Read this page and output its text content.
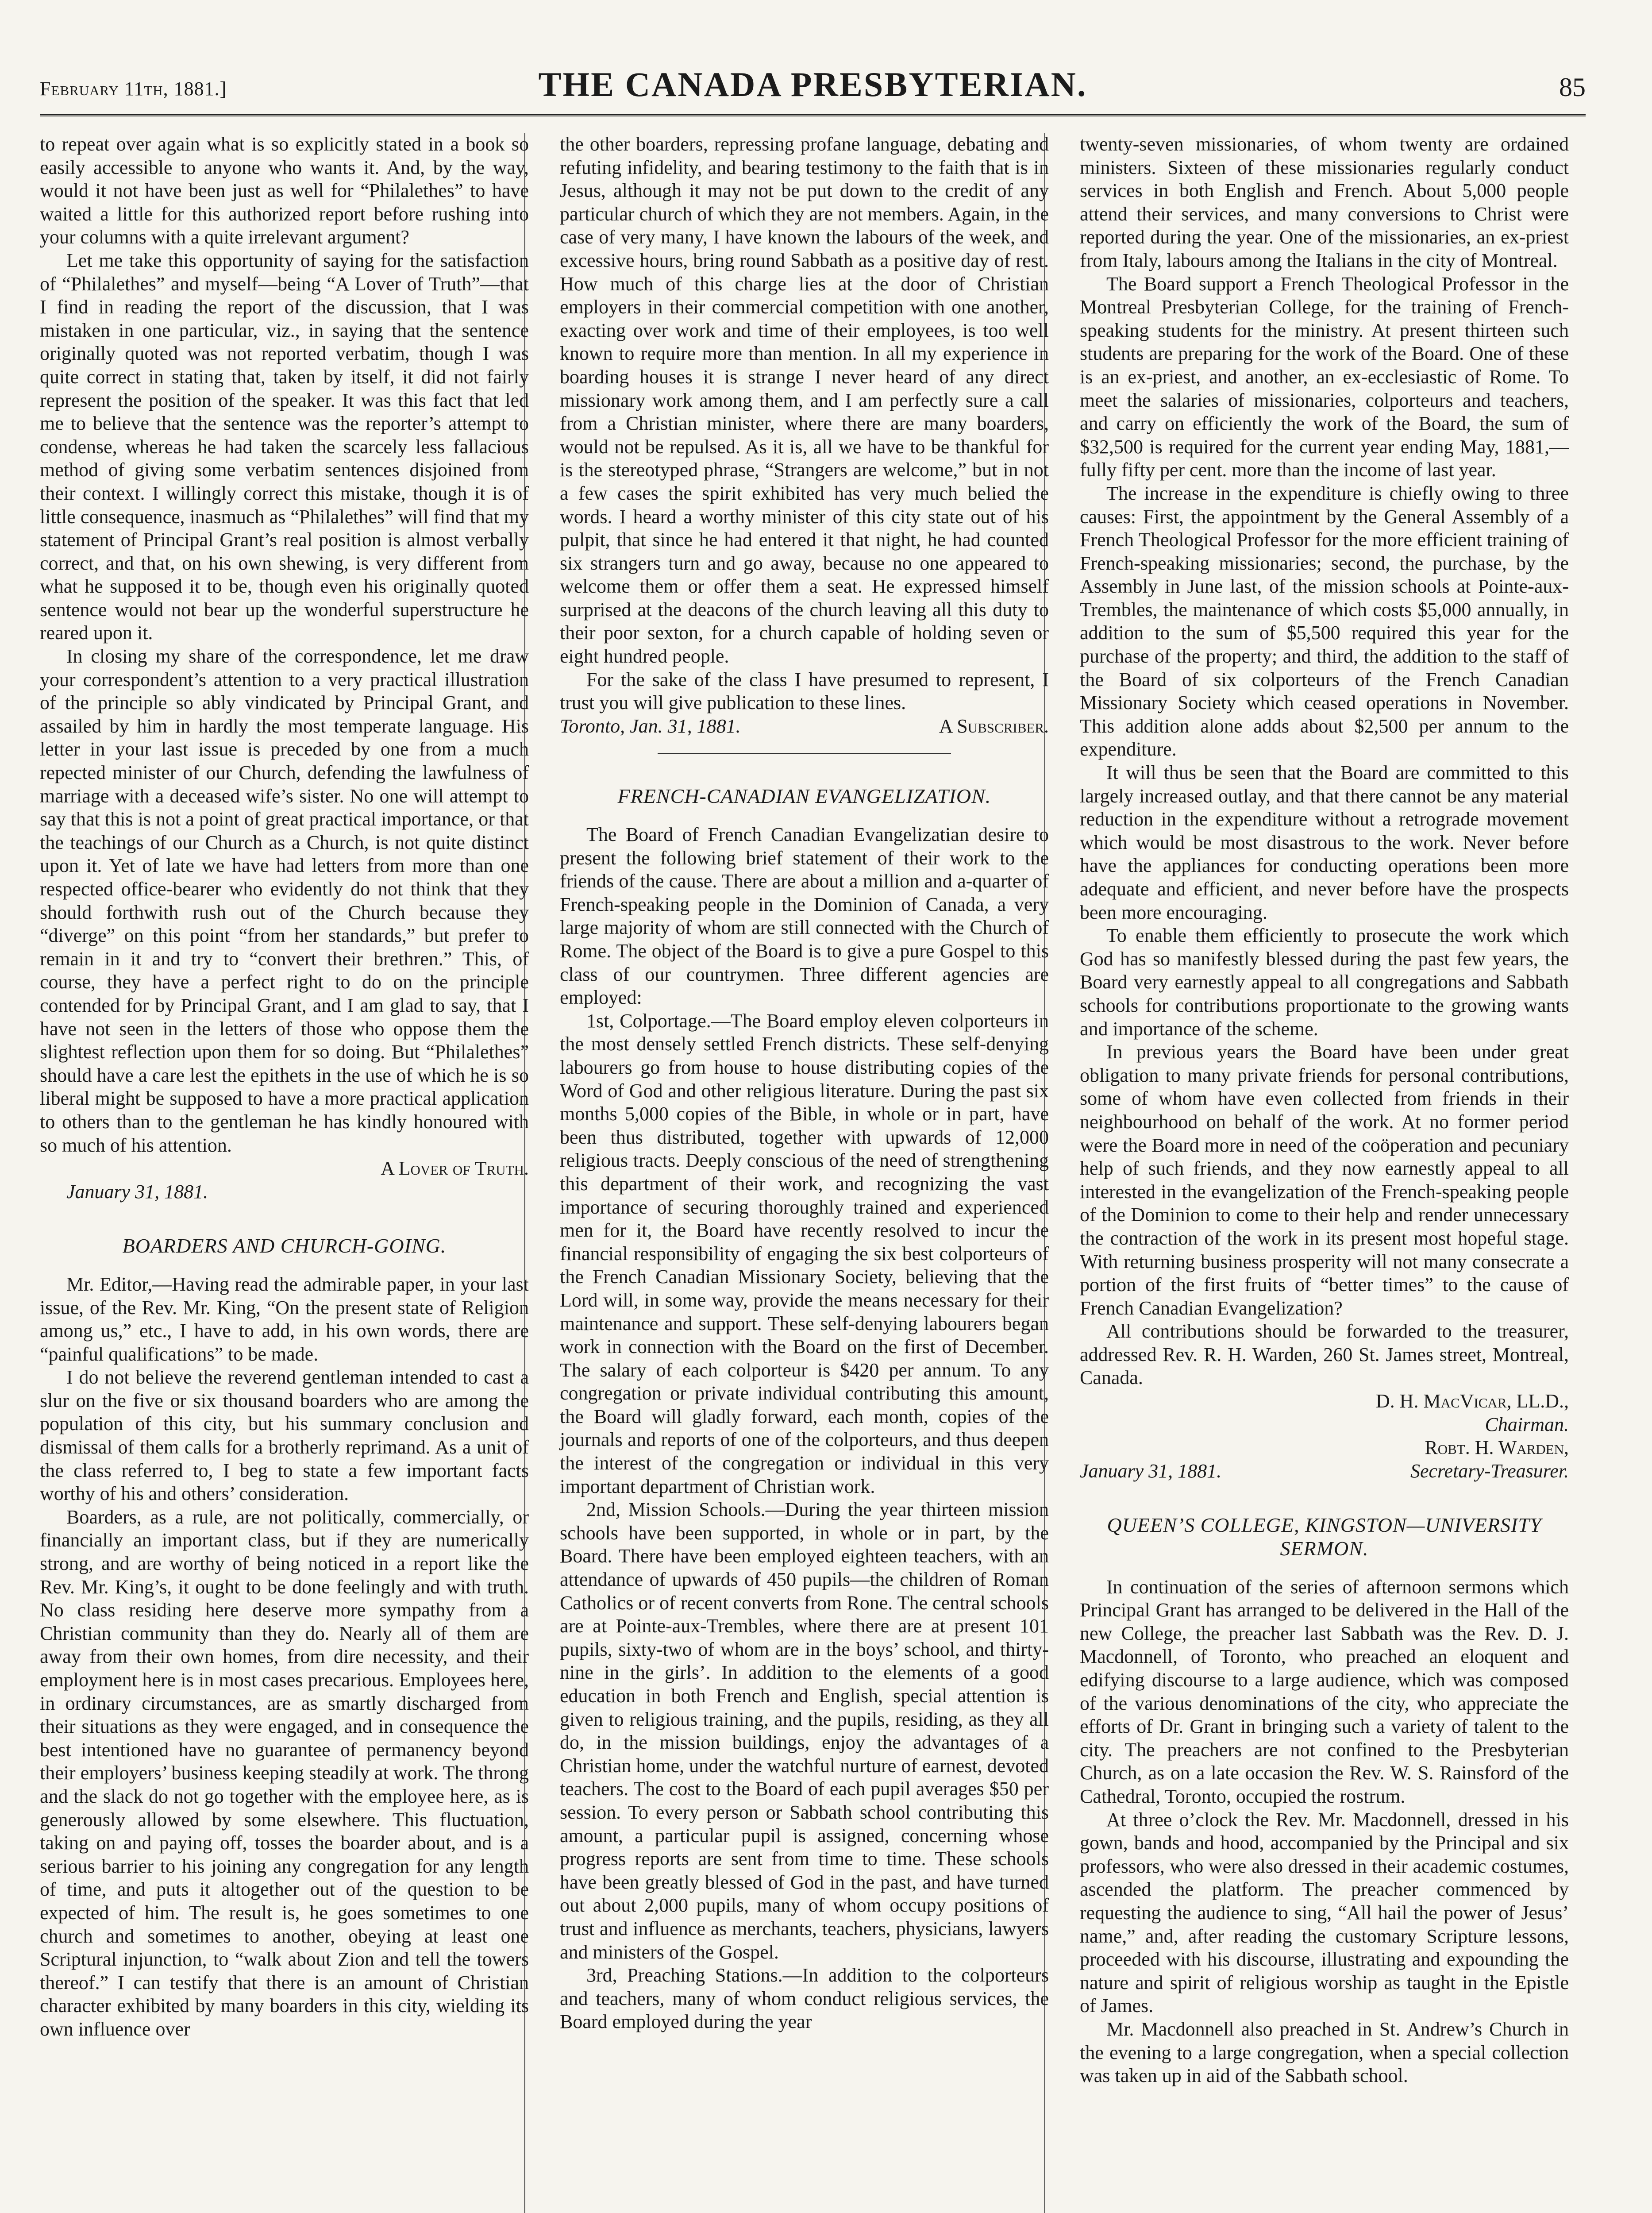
February 11th, 1881.]	THE CANADA PRESBYTERIAN.	85

to repeat over again what is so explicitly stated in a book so easily accessible to anyone who wants it. And, by the way, would it not have been just as well for “Philalethes” to have waited a little for this authorized report before rushing into your columns with a quite irrelevant argument?

Let me take this opportunity of saying for the satisfaction of “Philalethes” and myself—being “A Lover of Truth”—that I find in reading the report of the discussion, that I was mistaken in one particular, viz., in saying that the sentence originally quoted was not reported verbatim, though I was quite correct in stating that, taken by itself, it did not fairly represent the position of the speaker. It was this fact that led me to believe that the sentence was the reporter’s attempt to condense, whereas he had taken the scarcely less fallacious method of giving some verbatim sentences disjoined from their context. I willingly correct this mistake, though it is of little consequence, inasmuch as “Philalethes” will find that my statement of Principal Grant’s real position is almost verbally correct, and that, on his own shewing, is very different from what he supposed it to be, though even his originally quoted sentence would not bear up the wonderful superstructure he reared upon it.

In closing my share of the correspondence, let me draw your correspondent’s attention to a very practical illustration of the principle so ably vindicated by Principal Grant, and assailed by him in hardly the most temperate language. His letter in your last issue is preceded by one from a much repected minister of our Church, defending the lawfulness of marriage with a deceased wife’s sister. No one will attempt to say that this is not a point of great practical importance, or that the teachings of our Church as a Church, is not quite distinct upon it. Yet of late we have had letters from more than one respected office-bearer who evidently do not think that they should forthwith rush out of the Church because they “diverge” on this point “from her standards,” but prefer to remain in it and try to “convert their brethren.” This, of course, they have a perfect right to do on the principle contended for by Principal Grant, and I am glad to say, that I have not seen in the letters of those who oppose them the slightest reflection upon them for so doing. But “Philalethes” should have a care lest the epithets in the use of which he is so liberal might be supposed to have a more practical application to others than to the gentleman he has kindly honoured with so much of his attention.

A Lover of Truth.

January 31, 1881.

BOARDERS AND CHURCH-GOING.

Mr. Editor,—Having read the admirable paper, in your last issue, of the Rev. Mr. King, “On the present state of Religion among us,” etc., I have to add, in his own words, there are “painful qualifications” to be made.

I do not believe the reverend gentleman intended to cast a slur on the five or six thousand boarders who are among the population of this city, but his summary conclusion and dismissal of them calls for a brotherly reprimand. As a unit of the class referred to, I beg to state a few important facts worthy of his and others’ consideration.

Boarders, as a rule, are not politically, commercially, or financially an important class, but if they are numerically strong, and are worthy of being noticed in a report like the Rev. Mr. King’s, it ought to be done feelingly and with truth. No class residing here deserve more sympathy from a Christian community than they do. Nearly all of them are away from their own homes, from dire necessity, and their employment here is in most cases precarious. Employees here, in ordinary circumstances, are as smartly discharged from their situations as they were engaged, and in consequence the best intentioned have no guarantee of permanency beyond their employers’ business keeping steadily at work. The throng and the slack do not go together with the employee here, as is generously allowed by some elsewhere. This fluctuation, taking on and paying off, tosses the boarder about, and is a serious barrier to his joining any congregation for any length of time, and puts it altogether out of the question to be expected of him. The result is, he goes sometimes to one church and sometimes to another, obeying at least one Scriptural injunction, to “walk about Zion and tell the towers thereof.” I can testify that there is an amount of Christian character exhibited by many boarders in this city, wielding its own influence over

the other boarders, repressing profane language, debating and refuting infidelity, and bearing testimony to the faith that is in Jesus, although it may not be put down to the credit of any particular church of which they are not members. Again, in the case of very many, I have known the labours of the week, and excessive hours, bring round Sabbath as a positive day of rest. How much of this charge lies at the door of Christian employers in their commercial competition with one another, exacting over work and time of their employees, is too well known to require more than mention. In all my experience in boarding houses it is strange I never heard of any direct missionary work among them, and I am perfectly sure a call from a Christian minister, where there are many boarders, would not be repulsed. As it is, all we have to be thankful for is the stereotyped phrase, “Strangers are welcome,” but in not a few cases the spirit exhibited has very much belied the words. I heard a worthy minister of this city state out of his pulpit, that since he had entered it that night, he had counted six strangers turn and go away, because no one appeared to welcome them or offer them a seat. He expressed himself surprised at the deacons of the church leaving all this duty to their poor sexton, for a church capable of holding seven or eight hundred people.

For the sake of the class I have presumed to represent, I trust you will give publication to these lines.

Toronto, Jan. 31, 1881.	A Subscriber.
FRENCH-CANADIAN EVANGELIZATION.

The Board of French Canadian Evangelizatian desire to present the following brief statement of their work to the friends of the cause. There are about a million and a-quarter of French-speaking people in the Dominion of Canada, a very large majority of whom are still connected with the Church of Rome. The object of the Board is to give a pure Gospel to this class of our countrymen. Three different agencies are employed:

1st, Colportage.—The Board employ eleven colporteurs in the most densely settled French districts. These self-denying labourers go from house to house distributing copies of the Word of God and other religious literature. During the past six months 5,000 copies of the Bible, in whole or in part, have been thus distributed, together with upwards of 12,000 religious tracts. Deeply conscious of the need of strengthening this department of their work, and recognizing the vast importance of securing thoroughly trained and experienced men for it, the Board have recently resolved to incur the financial responsibility of engaging the six best colporteurs of the French Canadian Missionary Society, believing that the Lord will, in some way, provide the means necessary for their maintenance and support. These self-denying labourers began work in connection with the Board on the first of December. The salary of each colporteur is $420 per annum. To any congregation or private individual contributing this amount, the Board will gladly forward, each month, copies of the journals and reports of one of the colporteurs, and thus deepen the interest of the congregation or individual in this very important department of Christian work.

2nd, Mission Schools.—During the year thirteen mission schools have been supported, in whole or in part, by the Board. There have been employed eighteen teachers, with an attendance of upwards of 450 pupils—the children of Roman Catholics or of recent converts from Rone. The central schools are at Pointe-aux-Trembles, where there are at present 101 pupils, sixty-two of whom are in the boys’ school, and thirty-nine in the girls’. In addition to the elements of a good education in both French and English, special attention is given to religious training, and the pupils, residing, as they all do, in the mission buildings, enjoy the advantages of a Christian home, under the watchful nurture of earnest, devoted teachers. The cost to the Board of each pupil averages $50 per session. To every person or Sabbath school contributing this amount, a particular pupil is assigned, concerning whose progress reports are sent from time to time. These schools have been greatly blessed of God in the past, and have turned out about 2,000 pupils, many of whom occupy positions of trust and influence as merchants, teachers, physicians, lawyers and ministers of the Gospel.

3rd, Preaching Stations.—In addition to the colporteurs and teachers, many of whom conduct religious services, the Board employed during the year

twenty-seven missionaries, of whom twenty are ordained ministers. Sixteen of these missionaries regularly conduct services in both English and French. About 5,000 people attend their services, and many conversions to Christ were reported during the year. One of the missionaries, an ex-priest from Italy, labours among the Italians in the city of Montreal.

The Board support a French Theological Professor in the Montreal Presbyterian College, for the training of French-speaking students for the ministry. At present thirteen such students are preparing for the work of the Board. One of these is an ex-priest, and another, an ex-ecclesiastic of Rome. To meet the salaries of missionaries, colporteurs and teachers, and carry on efficiently the work of the Board, the sum of $32,500 is required for the current year ending May, 1881,—fully fifty per cent. more than the income of last year.

The increase in the expenditure is chiefly owing to three causes: First, the appointment by the General Assembly of a French Theological Professor for the more efficient training of French-speaking missionaries; second, the purchase, by the Assembly in June last, of the mission schools at Pointe-aux-Trembles, the maintenance of which costs $5,000 annually, in addition to the sum of $5,500 required this year for the purchase of the property; and third, the addition to the staff of the Board of six colporteurs of the French Canadian Missionary Society which ceased operations in November. This addition alone adds about $2,500 per annum to the expenditure.

It will thus be seen that the Board are committed to this largely increased outlay, and that there cannot be any material reduction in the expenditure without a retrograde movement which would be most disastrous to the work. Never before have the appliances for conducting operations been more adequate and efficient, and never before have the prospects been more encouraging.

To enable them efficiently to prosecute the work which God has so manifestly blessed during the past few years, the Board very earnestly appeal to all congregations and Sabbath schools for contributions proportionate to the growing wants and importance of the scheme.

In previous years the Board have been under great obligation to many private friends for personal contributions, some of whom have even collected from friends in their neighbourhood on behalf of the work. At no former period were the Board more in need of the coöperation and pecuniary help of such friends, and they now earnestly appeal to all interested in the evangelization of the French-speaking people of the Dominion to come to their help and render unnecessary the contraction of the work in its present most hopeful stage. With returning business prosperity will not many consecrate a portion of the first fruits of “better times” to the cause of French Canadian Evangelization?

All contributions should be forwarded to the treasurer, addressed Rev. R. H. Warden, 260 St. James street, Montreal, Canada.

D. H. MacVicar, LL.D.,

Chairman.

Robt. H. Warden,

January 31, 1881.	Secretary-Treasurer.
QUEEN’S COLLEGE, KINGSTON—UNIVERSITY SERMON.

In continuation of the series of afternoon sermons which Principal Grant has arranged to be delivered in the Hall of the new College, the preacher last Sabbath was the Rev. D. J. Macdonnell, of Toronto, who preached an eloquent and edifying discourse to a large audience, which was composed of the various denominations of the city, who appreciate the efforts of Dr. Grant in bringing such a variety of talent to the city. The preachers are not confined to the Presbyterian Church, as on a late occasion the Rev. W. S. Rainsford of the Cathedral, Toronto, occupied the rostrum.

At three o’clock the Rev. Mr. Macdonnell, dressed in his gown, bands and hood, accompanied by the Principal and six professors, who were also dressed in their academic costumes, ascended the platform. The preacher commenced by requesting the audience to sing, “All hail the power of Jesus’ name,” and, after reading the customary Scripture lessons, proceeded with his discourse, illustrating and expounding the nature and spirit of religious worship as taught in the Epistle of James.

Mr. Macdonnell also preached in St. Andrew’s Church in the evening to a large congregation, when a special collection was taken up in aid of the Sabbath school.
